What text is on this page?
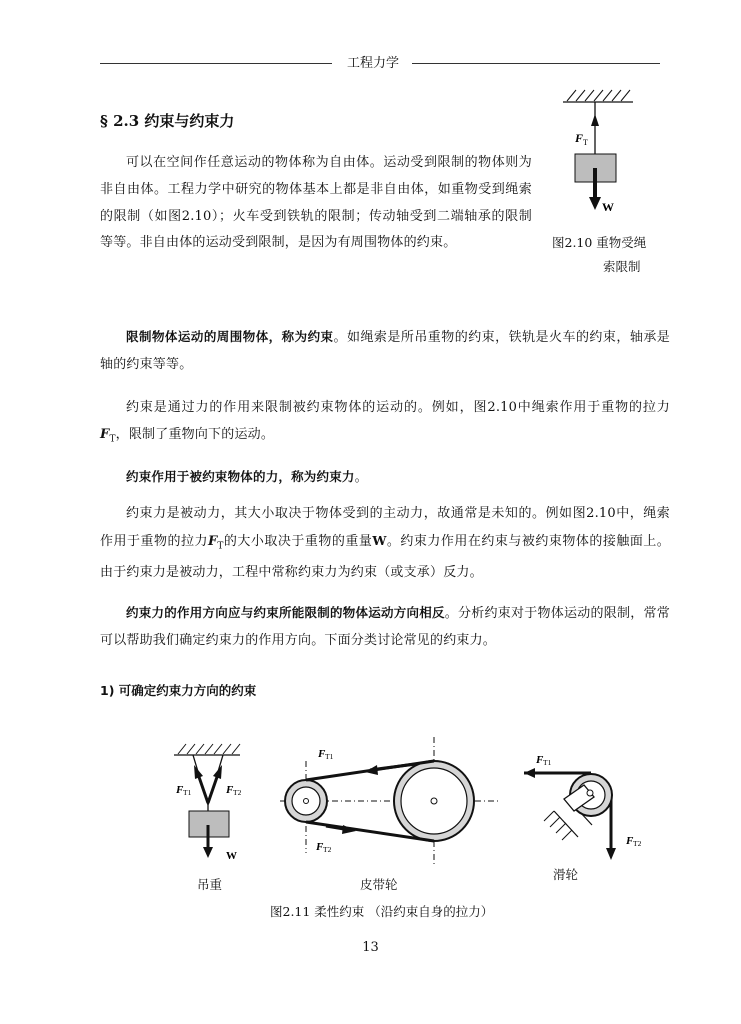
工程力学
§ 2.3 约束与约束力

可以在空间作任意运动的物体称为自由体。运动受到限制的物体则为非自由体。工程力学中研究的物体基本上都是非自由体，如重物受到绳索的限制（如图2.10）；火车受到铁轨的限制；传动轴受到二端轴承的限制等等。非自由体的运动受到限制，是因为有周围物体的约束。

F T
W
图2.10 重物受绳
索限制

限制物体运动的周围物体，称为约束。如绳索是所吊重物的约束，铁轨是火车的约束，轴承是轴的约束等等。

约束是通过力的作用来限制被约束物体的运动的。例如，图2.10中绳索作用于重物的拉力$F_T$，限制了重物向下的运动。

约束作用于被约束物体的力，称为约束力。

约束力是被动力，其大小取决于物体受到的主动力，故通常是未知的。例如图2.10中，绳索作用于重物的拉力$F_T$的大小取决于重物的重量W。约束力作用在约束与被约束物体的接触面上。由于约束力是被动力，工程中常称约束力为约束（或支承）反力。

约束力的作用方向应与约束所能限制的物体运动方向相反。分析约束对于物体运动的限制，常常可以帮助我们确定约束力的作用方向。下面分类讨论常见的约束力。

1) 可确定约束力方向的约束
F T1	F T2
W
F T1
F T2
F T1
F T2
吊重	皮带轮
滑轮
图2.11 柔性约束 （沿约束自身的拉力）
13
